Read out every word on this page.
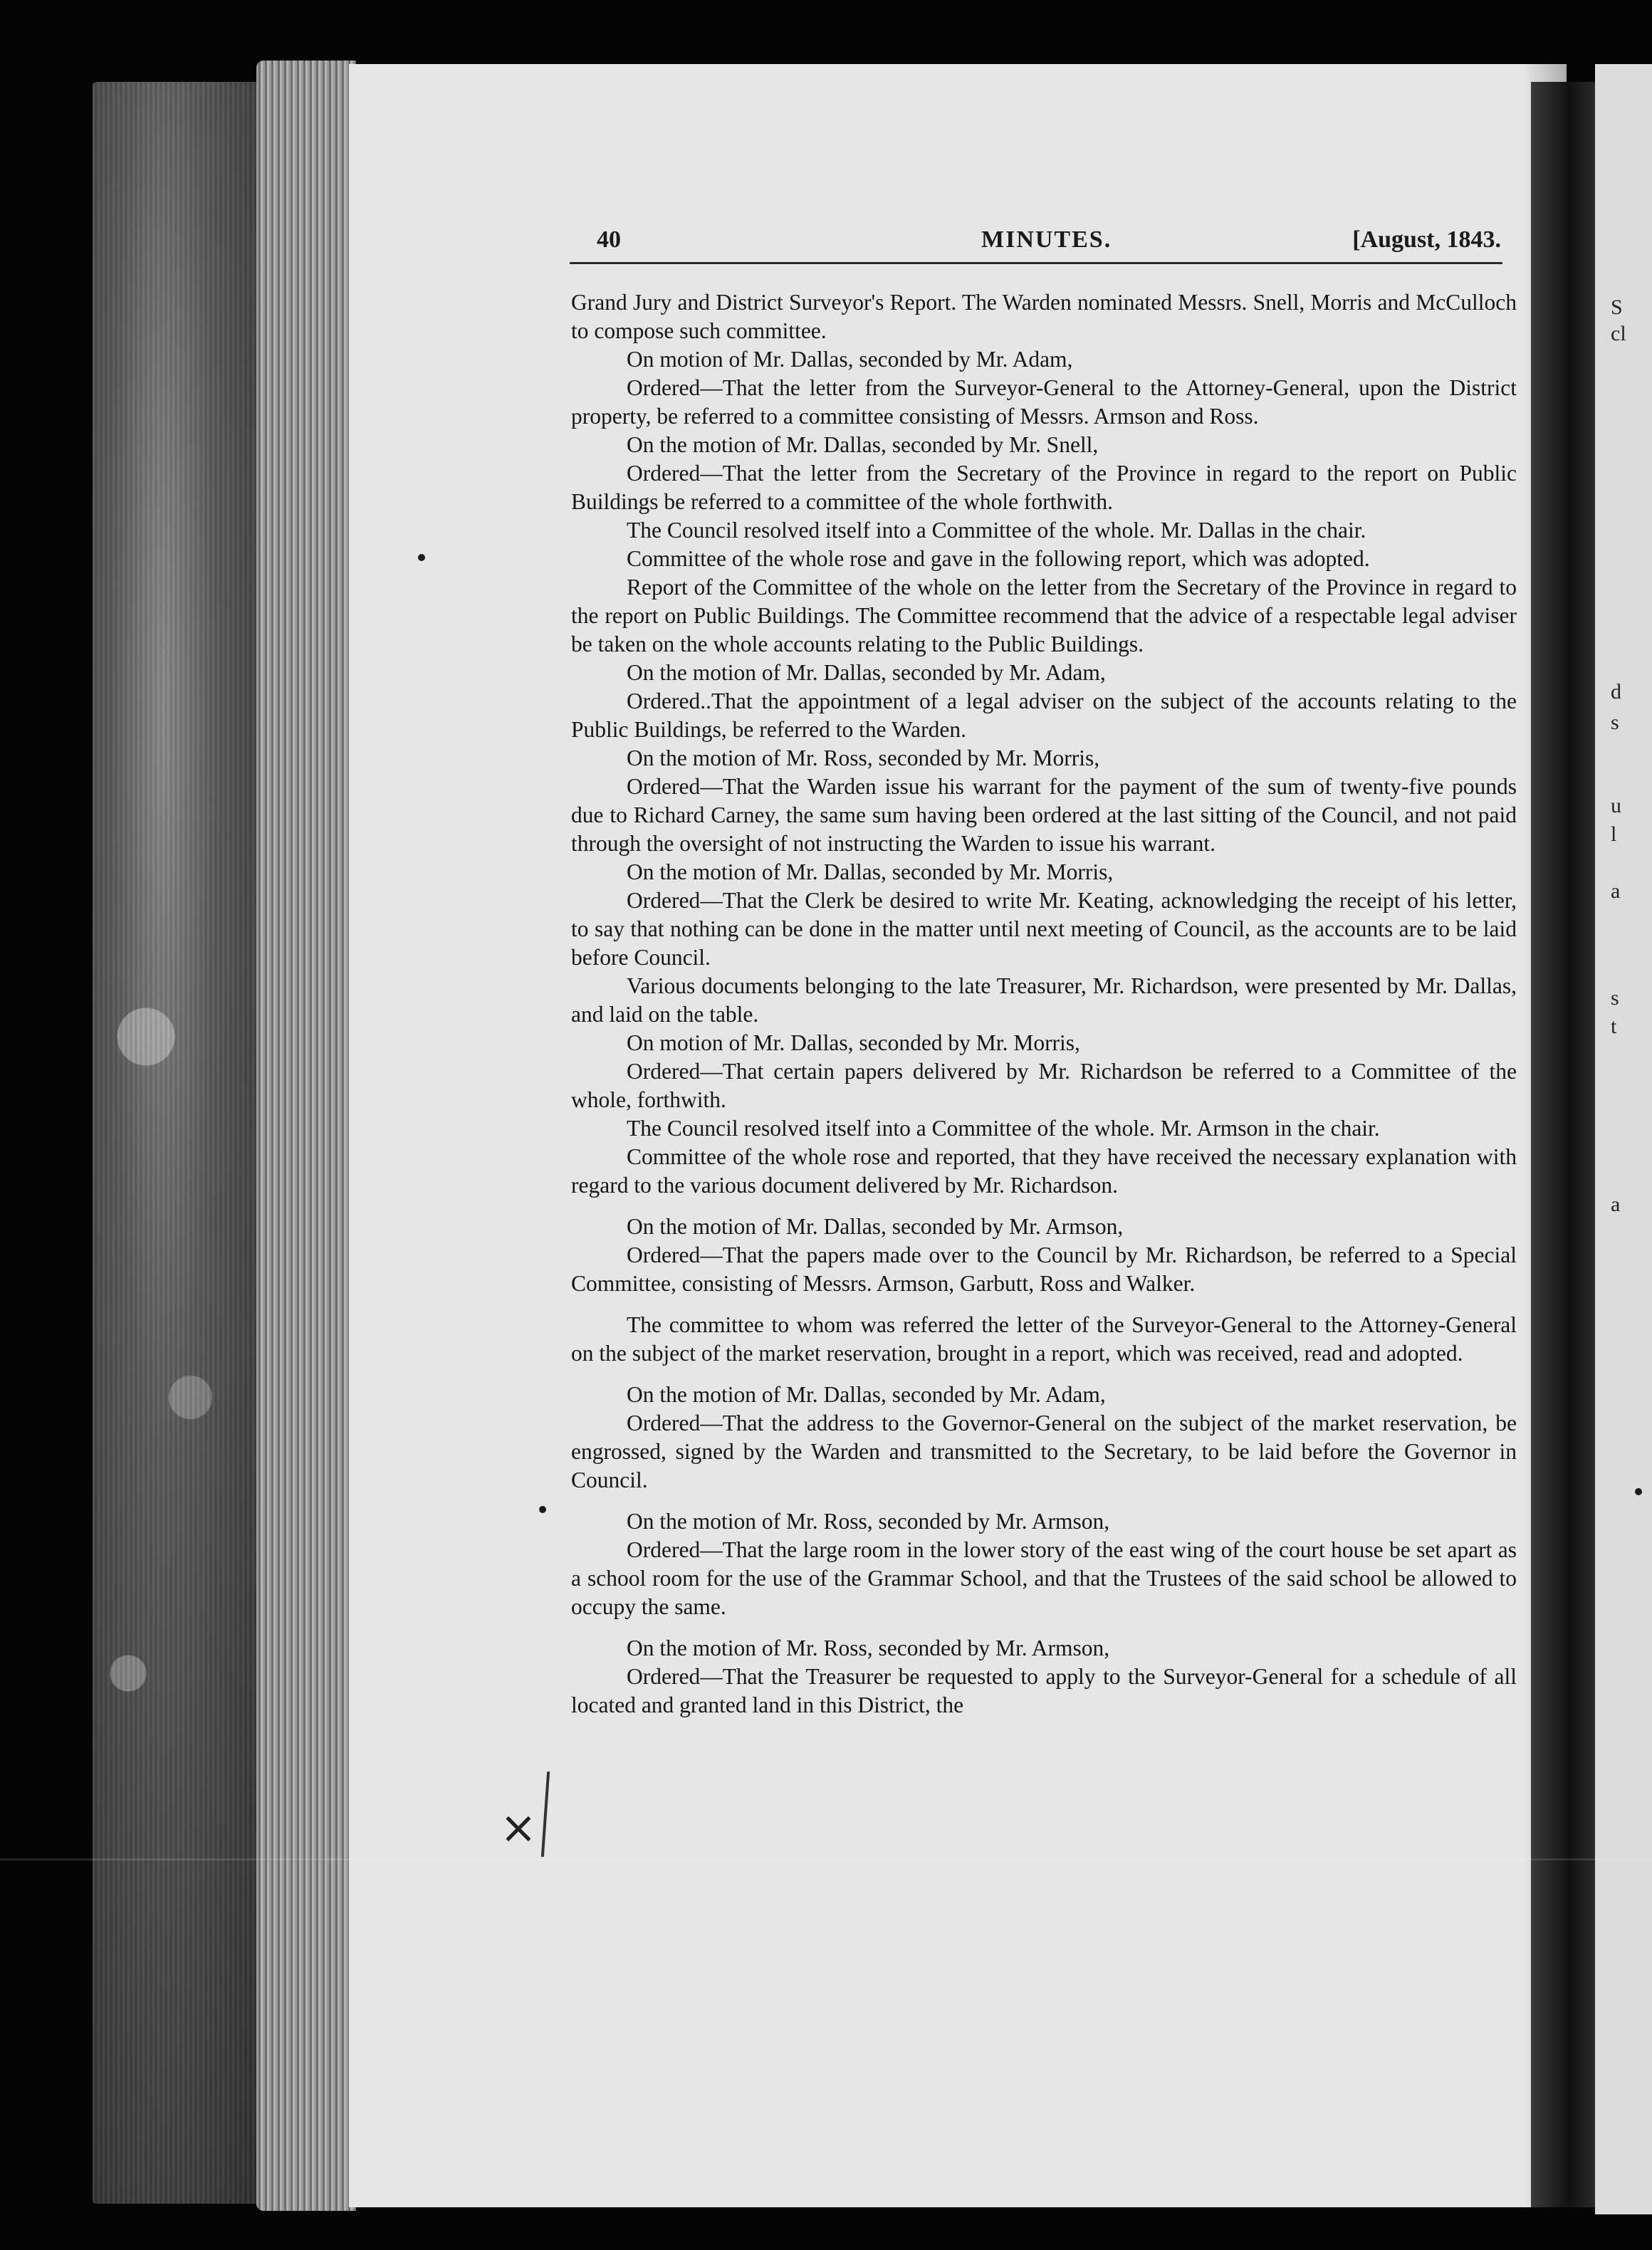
S
cl
d
s
u
l
a
s
t
a
40	MINUTES.	[August, 1843.

Grand Jury and District Surveyor's Report. The Warden nominated Messrs. Snell, Morris and McCulloch to compose such committee.

On motion of Mr. Dallas, seconded by Mr. Adam,

Ordered—That the letter from the Surveyor-General to the Attorney-General, upon the District property, be referred to a committee consisting of Messrs. Armson and Ross.

On the motion of Mr. Dallas, seconded by Mr. Snell,

Ordered—That the letter from the Secretary of the Province in regard to the report on Public Buildings be referred to a committee of the whole forthwith.

The Council resolved itself into a Committee of the whole. Mr. Dallas in the chair.

Committee of the whole rose and gave in the following report, which was adopted.

Report of the Committee of the whole on the letter from the Secretary of the Province in regard to the report on Public Buildings. The Committee recommend that the advice of a respectable legal adviser be taken on the whole accounts relating to the Public Buildings.

On the motion of Mr. Dallas, seconded by Mr. Adam,

Ordered..That the appointment of a legal adviser on the subject of the accounts relating to the Public Buildings, be referred to the Warden.

On the motion of Mr. Ross, seconded by Mr. Morris,

Ordered—That the Warden issue his warrant for the payment of the sum of twenty-five pounds due to Richard Carney, the same sum having been ordered at the last sitting of the Council, and not paid through the oversight of not instructing the Warden to issue his warrant.

On the motion of Mr. Dallas, seconded by Mr. Morris,

Ordered—That the Clerk be desired to write Mr. Keating, acknowledging the receipt of his letter, to say that nothing can be done in the matter until next meeting of Council, as the accounts are to be laid before Council.

Various documents belonging to the late Treasurer, Mr. Richardson, were presented by Mr. Dallas, and laid on the table.

On motion of Mr. Dallas, seconded by Mr. Morris,

Ordered—That certain papers delivered by Mr. Richardson be referred to a Committee of the whole, forthwith.

The Council resolved itself into a Committee of the whole. Mr. Armson in the chair.

Committee of the whole rose and reported, that they have received the necessary explanation with regard to the various document delivered by Mr. Richardson.

On the motion of Mr. Dallas, seconded by Mr. Armson,

Ordered—That the papers made over to the Council by Mr. Richardson, be referred to a Special Committee, consisting of Messrs. Armson, Garbutt, Ross and Walker.

The committee to whom was referred the letter of the Surveyor-General to the Attorney-General on the subject of the market reservation, brought in a report, which was received, read and adopted.

On the motion of Mr. Dallas, seconded by Mr. Adam,

Ordered—That the address to the Governor-General on the subject of the market reservation, be engrossed, signed by the Warden and transmitted to the Secretary, to be laid before the Governor in Council.

On the motion of Mr. Ross, seconded by Mr. Armson,

Ordered—That the large room in the lower story of the east wing of the court house be set apart as a school room for the use of the Grammar School, and that the Trustees of the said school be allowed to occupy the same.

On the motion of Mr. Ross, seconded by Mr. Armson,

Ordered—That the Treasurer be requested to apply to the Surveyor-General for a schedule of all located and granted land in this District, the

×
